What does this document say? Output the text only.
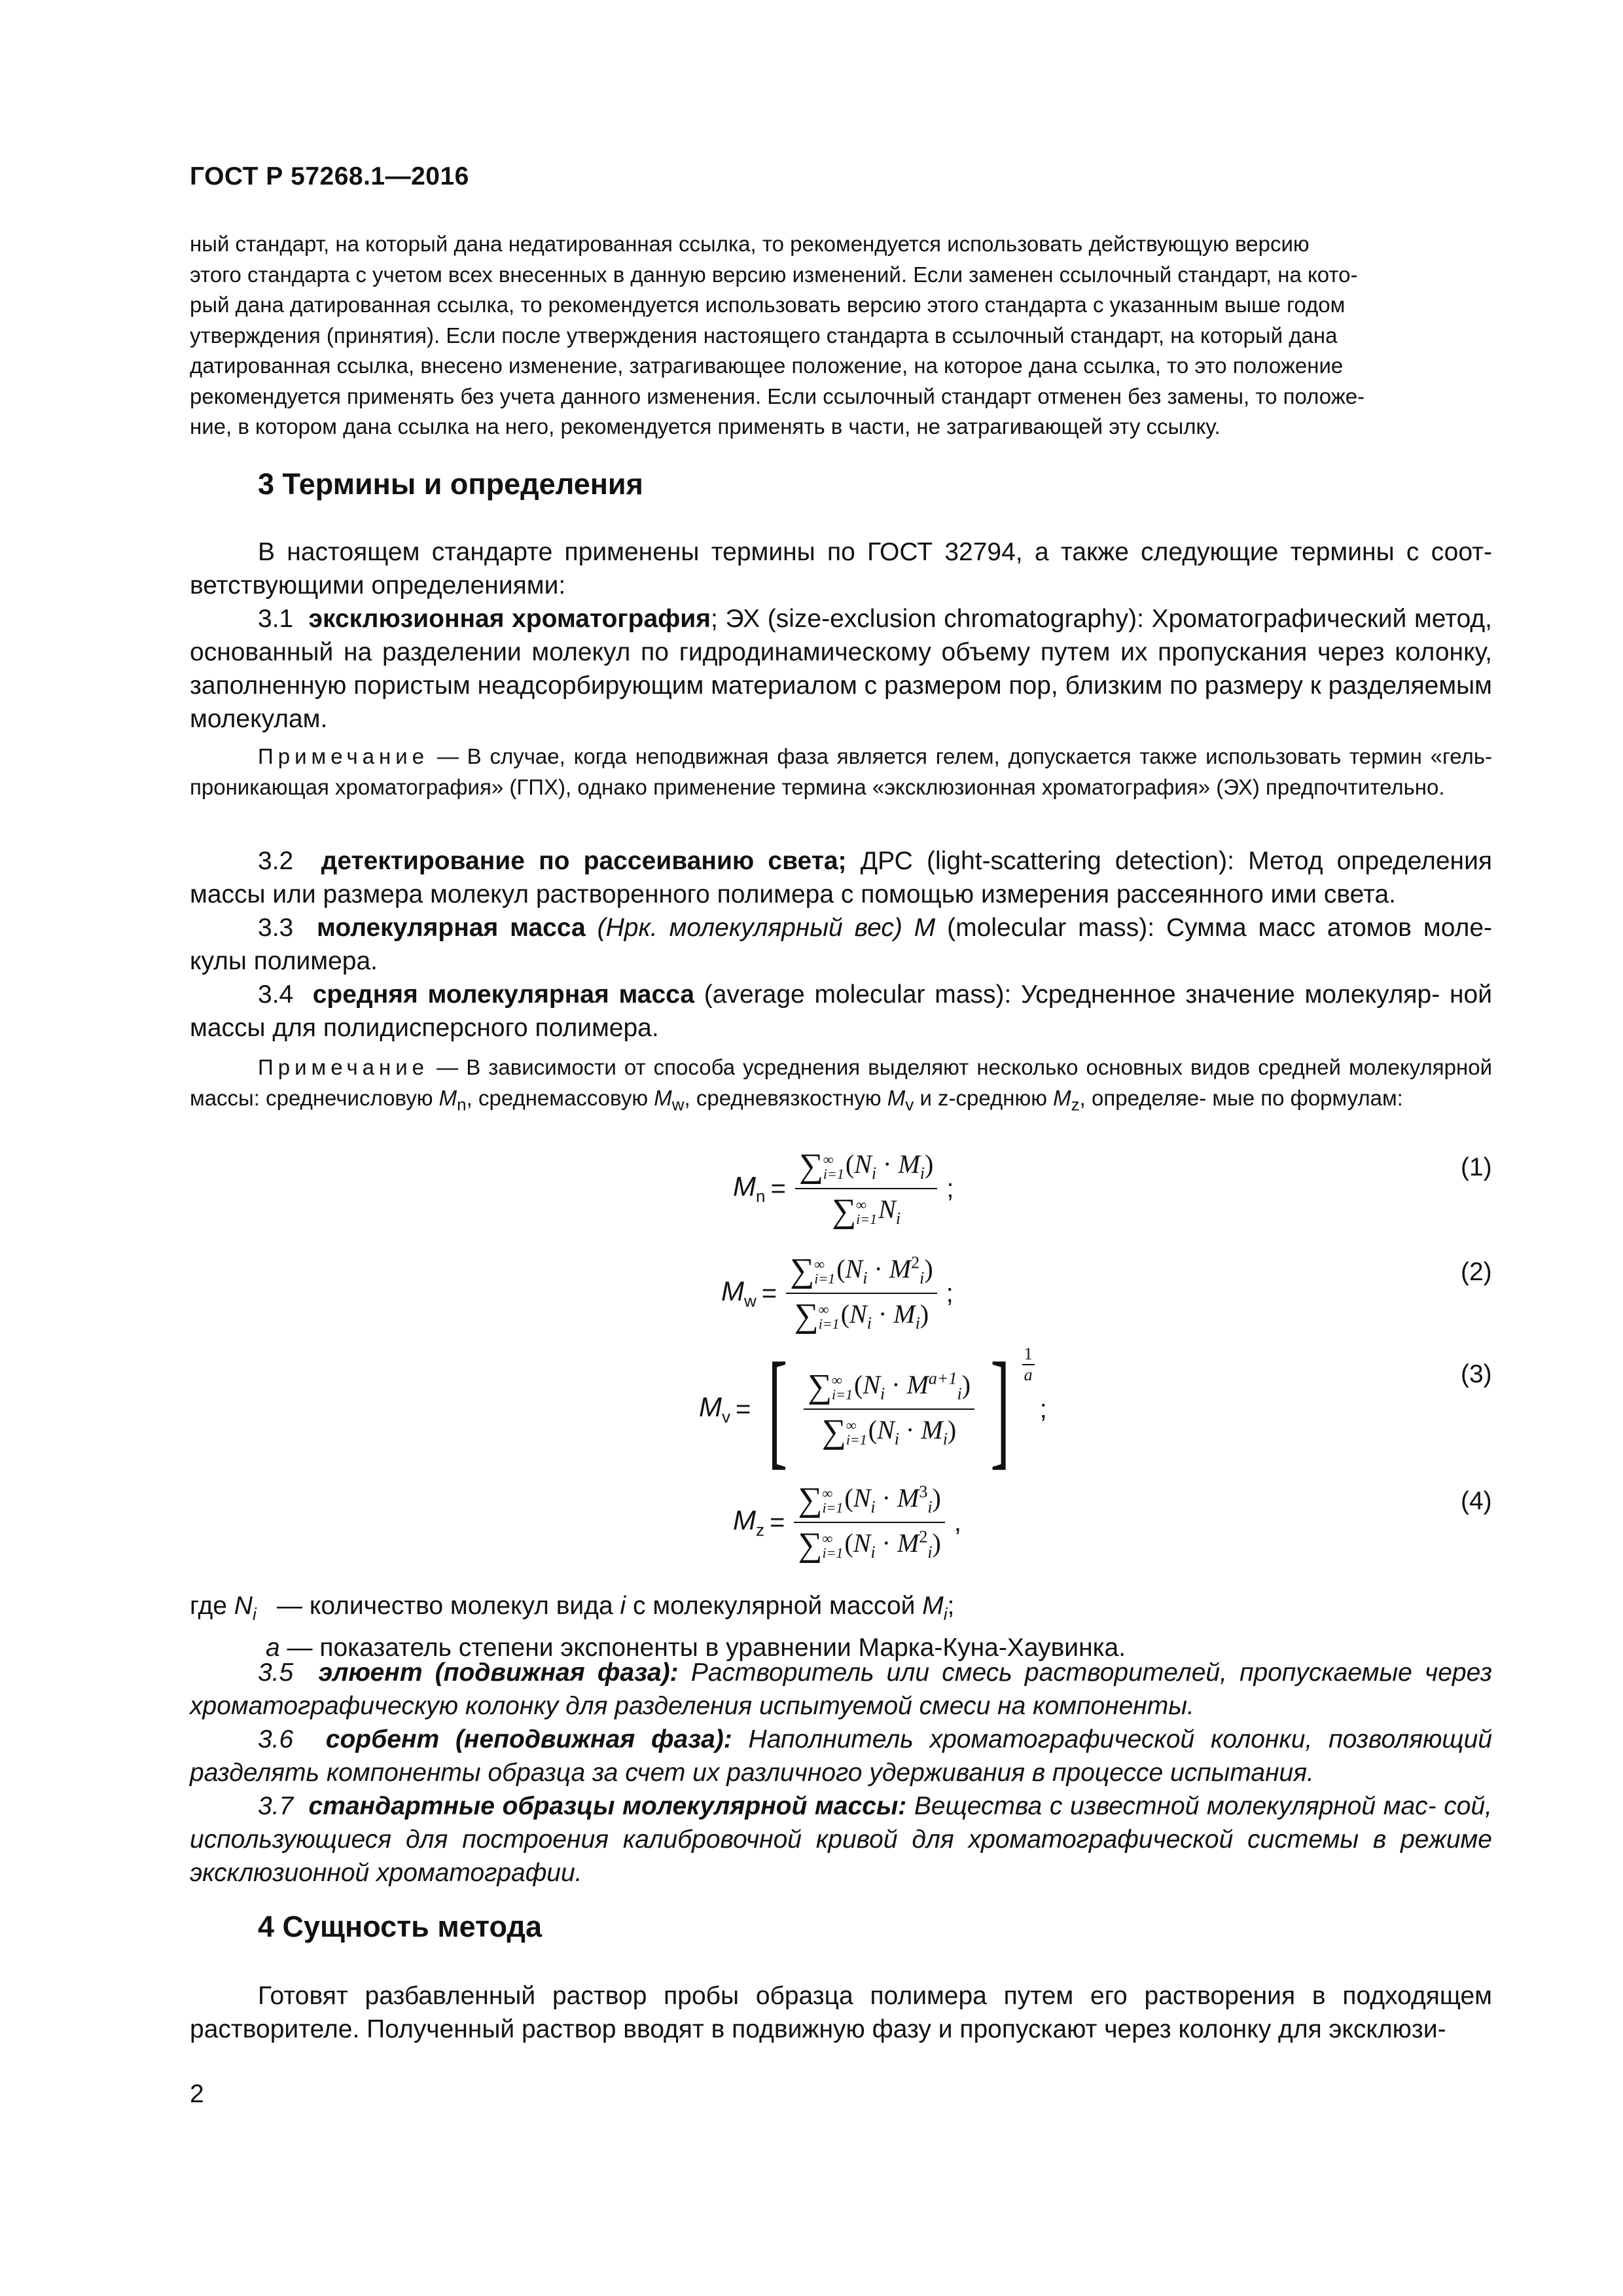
ГОСТ Р 57268.1—2016

ный стандарт, на который дана недатированная ссылка, то рекомендуется использовать действующую версию

этого стандарта с учетом всех внесенных в данную версию изменений. Если заменен ссылочный стандарт, на кото-

рый дана датированная ссылка, то рекомендуется использовать версию этого стандарта с указанным выше годом

утверждения (принятия). Если после утверждения настоящего стандарта в ссылочный стандарт, на который дана

датированная ссылка, внесено изменение, затрагивающее положение, на которое дана ссылка, то это положение

рекомендуется применять без учета данного изменения. Если ссылочный стандарт отменен без замены, то положе-

ние, в котором дана ссылка на него, рекомендуется применять в части, не затрагивающей эту ссылку.

3 Термины и определения

В настоящем стандарте применены термины по ГОСТ 32794, а также следующие термины с соот- ветствующими определениями:

3.1 эксклюзионная хроматография; ЭХ (size-exclusion chromatography): Хроматографический метод, основанный на разделении молекул по гидродинамическому объему путем их пропускания через колонку, заполненную пористым неадсорбирующим материалом с размером пор, близким по размеру к разделяемым молекулам.

Примечание — В случае, когда неподвижная фаза является гелем, допускается также использовать термин «гель-проникающая хроматография» (ГПХ), однако применение термина «эксклюзионная хроматография» (ЭХ) предпочтительно.

3.2 детектирование по рассеиванию света; ДРС (light-scattering detection): Метод определения массы или размера молекул растворенного полимера с помощью измерения рассеянного ими света.

3.3 молекулярная масса (Нрк. молекулярный вес) M (molecular mass): Сумма масс атомов моле- кулы полимера.

3.4 средняя молекулярная масса (average molecular mass): Усредненное значение молекуляр- ной массы для полидисперсного полимера.

Примечание — В зависимости от способа усреднения выделяют несколько основных видов средней молекулярной массы: среднечисловую $M_n$, среднемассовую $M_w$, средневязкостную $M_v$ и z-среднюю $M_z$, определяе- мые по формулам:

$M_n$ = ∑ ∞
i=1 $(N_i \cdot M_i)$
∑ ∞
i=1 $N_i$ ;
(1)
$M_w$ = ∑ ∞
i=1 $(N_i \cdot M^2_i)$
∑ ∞
i=1 $(N_i \cdot M_i)$ ;
(2)
$M_v$ = [ ∑ ∞
i=1 $(N_i \cdot M^{a+1}_i)$
∑ ∞
i=1 $(N_i \cdot M_i)$ ] $\frac{1}{a}$
;
(3)
$M_z$ = ∑ ∞
i=1 $(N_i \cdot M^3_i)$
∑ ∞
i=1 $(N_i \cdot M^2_i)$ ,
(4)
где $N_i$ — количество молекул вида i с молекулярной массой $M_i$;
a — показатель степени экспоненты в уравнении Марка-Куна-Хаувинка.

3.5 элюент (подвижная фаза): Растворитель или смесь растворителей, пропускаемые через хроматографическую колонку для разделения испытуемой смеси на компоненты.

3.6 сорбент (неподвижная фаза): Наполнитель хроматографической колонки, позволяющий разделять компоненты образца за счет их различного удерживания в процессе испытания.

3.7 стандартные образцы молекулярной массы: Вещества с известной молекулярной мас- сой, использующиеся для построения калибровочной кривой для хроматографической системы в режиме эксклюзионной хроматографии.

4 Сущность метода

Готовят разбавленный раствор пробы образца полимера путем его растворения в подходящем растворителе. Полученный раствор вводят в подвижную фазу и пропускают через колонку для эксклюзи-

2
